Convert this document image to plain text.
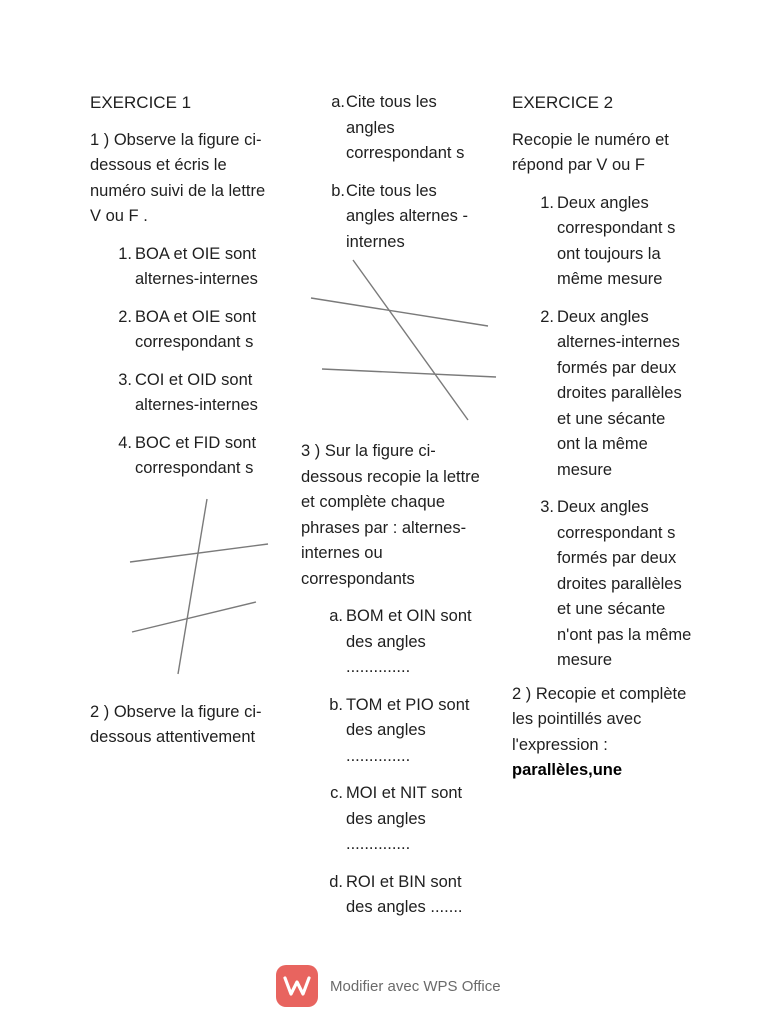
EXERCICE 1

1 ) Observe la figure ci-dessous et écris le numéro suivi de la lettre V ou F .

1. BOA et OIE sont alternes-internes
2. BOA et OIE sont correspondant s
3. COI et OID sont alternes-internes
4. BOC et FID sont correspondant s

2 ) Observe la figure ci-dessous attentivement

a. Cite tous les angles correspondant s
b. Cite tous les angles alternes -internes

3 ) Sur la figure ci-dessous recopie la lettre et complète chaque phrases par : alternes-internes ou correspondants

a. BOM et OIN sont des angles ..............
b. TOM et PIO sont des angles ..............
c. MOI et NIT sont des angles ..............
d. ROI et BIN sont des angles .......
EXERCICE 2

Recopie le numéro et répond par V ou F

1. Deux angles correspondant s ont toujours la même mesure
2. Deux angles alternes-internes formés par deux droites parallèles et une sécante ont la même mesure
3. Deux angles correspondant s formés par deux droites parallèles et une sécante n'ont pas la même mesure

2 ) Recopie et complète les pointillés avec l'expression :
parallèles,une

Modifier avec WPS Office
